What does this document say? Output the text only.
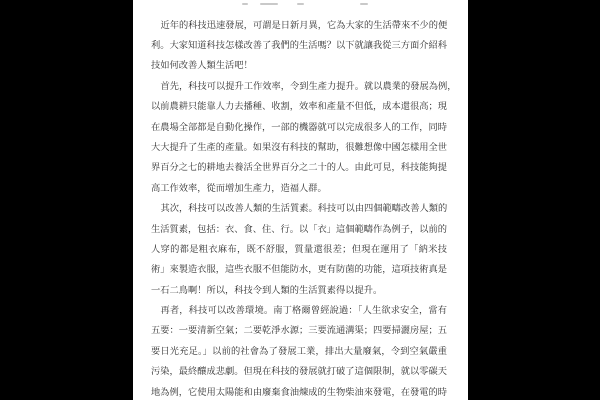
近年的科技迅速發展，可謂是日新月異，它為大家的生活帶來不少的便
利。大家知道科技怎樣改善了我們的生活嗎？以下就讓我從三方面介紹科
技如何改善人類生活吧！
首先，科技可以提升工作效率，令到生產力提升。就以農業的發展為例，
以前農耕只能靠人力去播種、收割，效率和產量不但低，成本還很高；現
在農場全部都是自動化操作，一部的機器就可以完成很多人的工作，同時
大大提升了生產的產量。如果沒有科技的幫助，很難想像中國怎樣用全世
界百分之七的耕地去養活全世界百分之二十的人。由此可見，科技能夠提
高工作效率，從而增加生產力，造福人群。
其次，科技可以改善人類的生活質素。科技可以由四個範疇改善人類的
生活質素，包括：衣、食、住、行。以「衣」這個範疇作為例子，以前的
人穿的都是粗衣麻布，既不舒服，質量還很差；但現在運用了「納米技
術」來製造衣服，這些衣服不但能防水，更有防菌的功能，這項技術真是
一石二鳥啊！所以，科技令到人類的生活質素得以提升。
再者，科技可以改善環境。南丁格爾曾經說過：「人生欲求安全，當有
五要：一要清新空氣；二要乾淨水源；三要流通溝渠；四要掃灑房屋；五
要日光充足。」以前的社會為了發展工業，排出大量廢氣，令到空氣嚴重
污染，最終釀成悲劇。但現在科技的發展就打破了這個限制，就以零碳天
地為例，它使用太陽能和由廢棄食油煉成的生物柴油來發電，在發電的時
